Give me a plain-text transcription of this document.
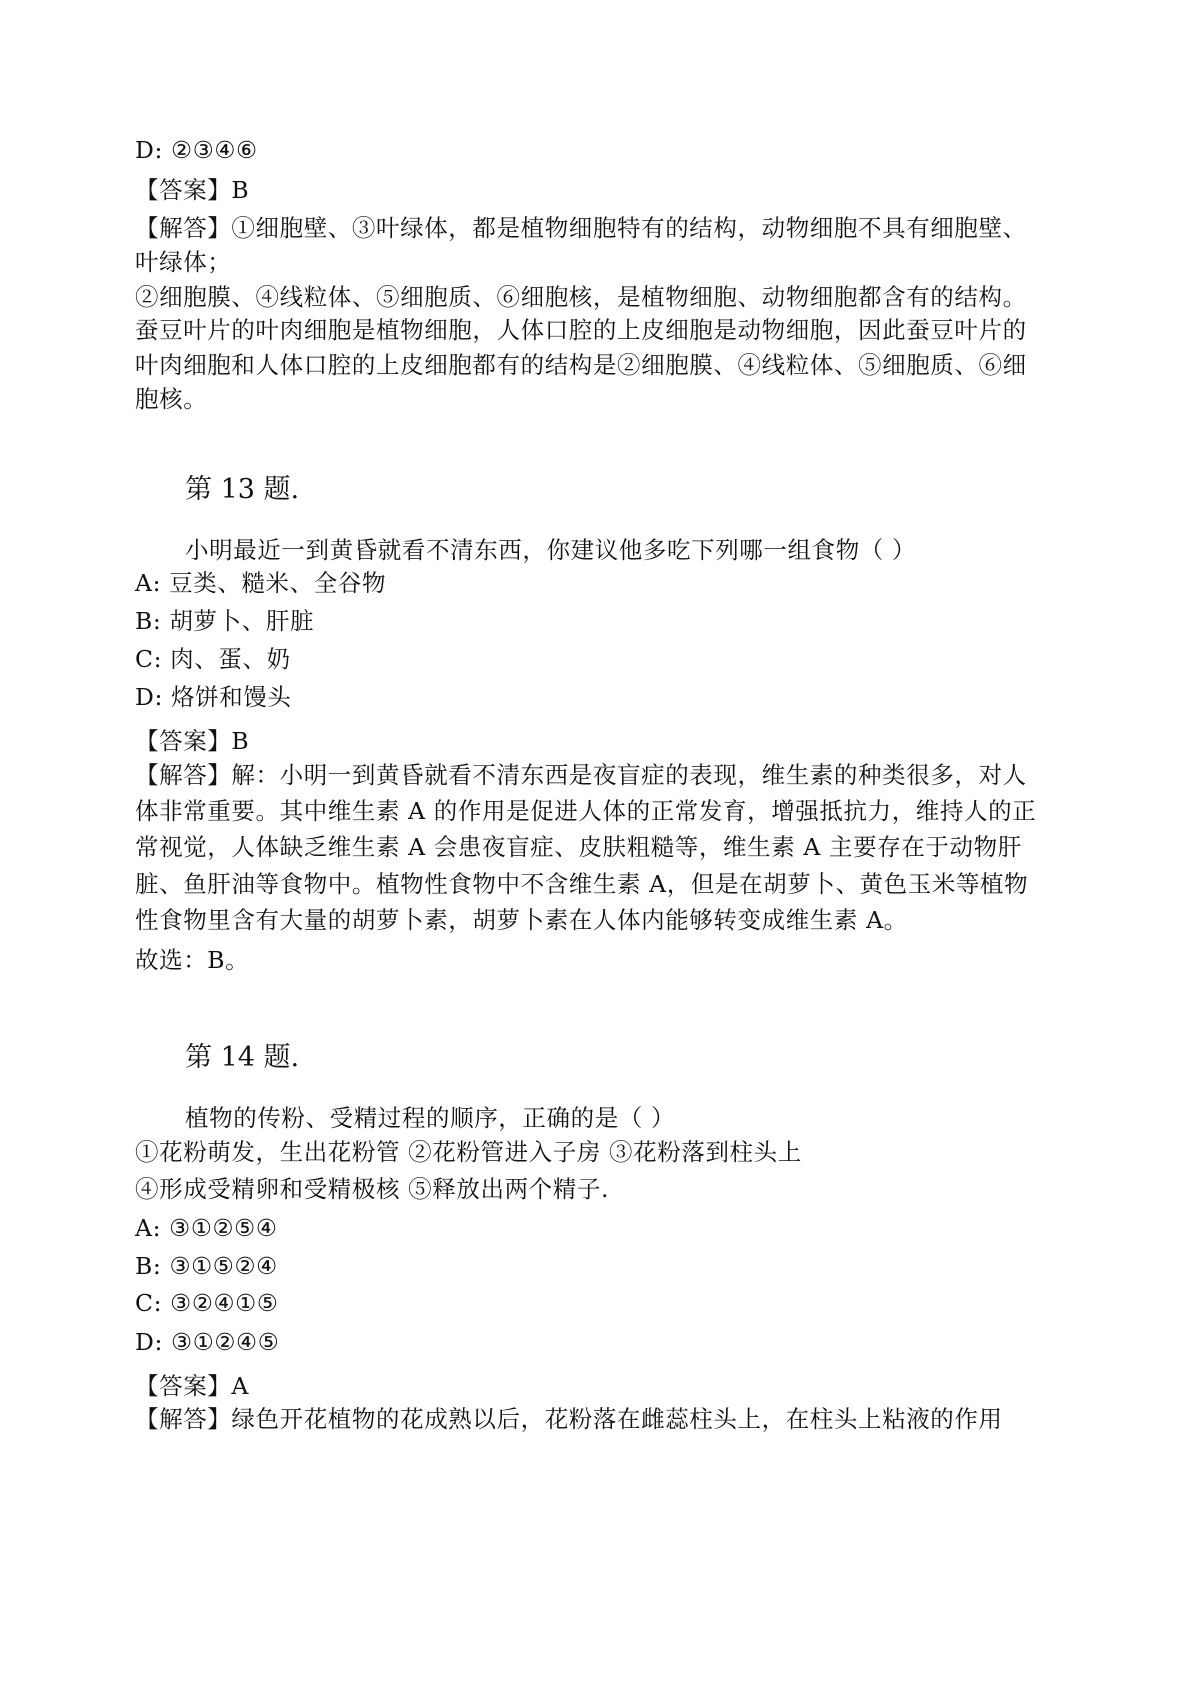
D: ②③④⑥
【答案】B
【解答】①细胞壁、③叶绿体，都是植物细胞特有的结构，动物细胞不具有细胞壁、
叶绿体；
②细胞膜、④线粒体、⑤细胞质、⑥细胞核，是植物细胞、动物细胞都含有的结构。
蚕豆叶片的叶肉细胞是植物细胞，人体口腔的上皮细胞是动物细胞，因此蚕豆叶片的
叶肉细胞和人体口腔的上皮细胞都有的结构是②细胞膜、④线粒体、⑤细胞质、⑥细
胞核。
第 13 题.
小明最近一到黄昏就看不清东西，你建议他多吃下列哪一组食物（ ）
A: 豆类、糙米、全谷物
B: 胡萝卜、肝脏
C: 肉、蛋、奶
D: 烙饼和馒头
【答案】B
【解答】解：小明一到黄昏就看不清东西是夜盲症的表现，维生素的种类很多，对人
体非常重要。其中维生素 A 的作用是促进人体的正常发育，增强抵抗力，维持人的正
常视觉，人体缺乏维生素 A 会患夜盲症、皮肤粗糙等，维生素 A 主要存在于动物肝
脏、鱼肝油等食物中。植物性食物中不含维生素 A，但是在胡萝卜、黄色玉米等植物
性食物里含有大量的胡萝卜素，胡萝卜素在人体内能够转变成维生素 A。
故选：B。
第 14 题.
植物的传粉、受精过程的顺序，正确的是（ ）
①花粉萌发，生出花粉管 ②花粉管进入子房 ③花粉落到柱头上
④形成受精卵和受精极核 ⑤释放出两个精子.
A: ③①②⑤④
B: ③①⑤②④
C: ③②④①⑤
D: ③①②④⑤
【答案】A
【解答】绿色开花植物的花成熟以后，花粉落在雌蕊柱头上，在柱头上粘液的作用
